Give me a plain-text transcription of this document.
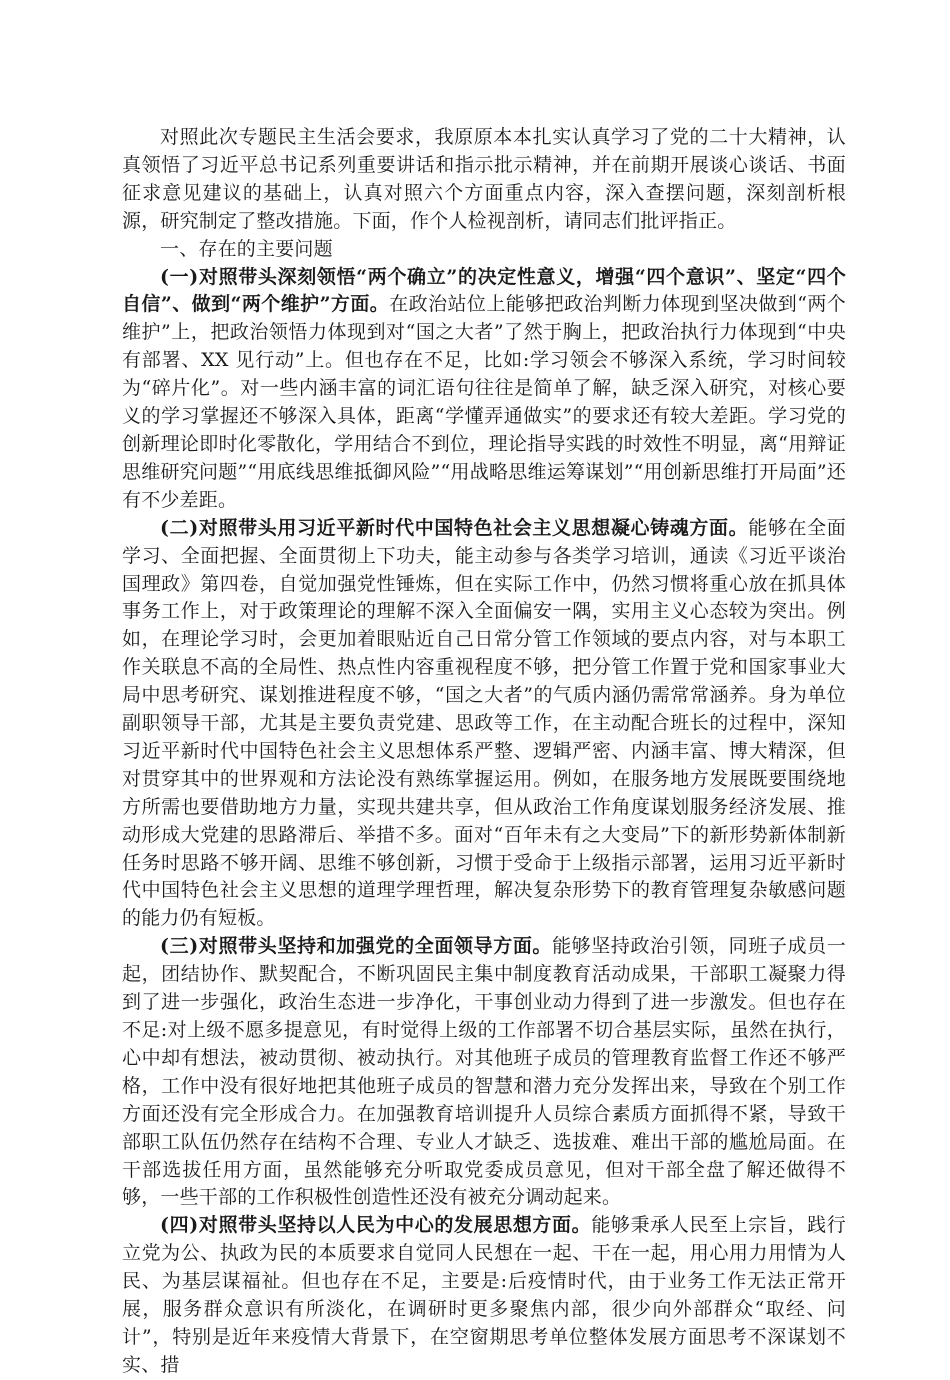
对照此次专题民主生活会要求，我原原本本扎实认真学习了党的二十大精神，认真领悟了习近平总书记系列重要讲话和指示批示精神，并在前期开展谈心谈话、书面征求意见建议的基础上，认真对照六个方面重点内容，深入查摆问题，深刻剖析根源，研究制定了整改措施。下面，作个人检视剖析，请同志们批评指正。

一、存在的主要问题

(一)对照带头深刻领悟“两个确立”的决定性意义，增强“四个意识”、坚定“四个自信”、做到“两个维护”方面。在政治站位上能够把政治判断力体现到坚决做到“两个维护”上，把政治领悟力体现到对“国之大者”了然于胸上，把政治执行力体现到“中央有部署、XX 见行动”上。但也存在不足，比如:学习领会不够深入系统，学习时间较为“碎片化”。对一些内涵丰富的词汇语句往往是简单了解，缺乏深入研究，对核心要义的学习掌握还不够深入具体，距离“学懂弄通做实”的要求还有较大差距。学习党的创新理论即时化零散化，学用结合不到位，理论指导实践的时效性不明显，离“用辩证思维研究问题”“用底线思维抵御风险”“用战略思维运筹谋划”“用创新思维打开局面”还有不少差距。

(二)对照带头用习近平新时代中国特色社会主义思想凝心铸魂方面。能够在全面学习、全面把握、全面贯彻上下功夫，能主动参与各类学习培训，通读《习近平谈治国理政》第四卷，自觉加强党性锤炼，但在实际工作中，仍然习惯将重心放在抓具体事务工作上，对于政策理论的理解不深入全面偏安一隅，实用主义心态较为突出。例如，在理论学习时，会更加着眼贴近自己日常分管工作领域的要点内容，对与本职工作关联息不高的全局性、热点性内容重视程度不够，把分管工作置于党和国家事业大局中思考研究、谋划推进程度不够，“国之大者”的气质内涵仍需常常涵养。身为单位副职领导干部，尤其是主要负责党建、思政等工作，在主动配合班长的过程中，深知习近平新时代中国特色社会主义思想体系严整、逻辑严密、内涵丰富、博大精深，但对贯穿其中的世界观和方法论没有熟练掌握运用。例如，在服务地方发展既要围绕地方所需也要借助地方力量，实现共建共享，但从政治工作角度谋划服务经济发展、推动形成大党建的思路滞后、举措不多。面对“百年未有之大变局”下的新形势新体制新任务时思路不够开阔、思维不够创新，习惯于受命于上级指示部署，运用习近平新时代中国特色社会主义思想的道理学理哲理，解决复杂形势下的教育管理复杂敏感问题的能力仍有短板。

(三)对照带头坚持和加强党的全面领导方面。能够坚持政治引领，同班子成员一起，团结协作、默契配合，不断巩固民主集中制度教育活动成果，干部职工凝聚力得到了进一步强化，政治生态进一步净化，干事创业动力得到了进一步激发。但也存在不足:对上级不愿多提意见，有时觉得上级的工作部署不切合基层实际，虽然在执行，心中却有想法，被动贯彻、被动执行。对其他班子成员的管理教育监督工作还不够严格，工作中没有很好地把其他班子成员的智慧和潜力充分发挥出来，导致在个别工作方面还没有完全形成合力。在加强教育培训提升人员综合素质方面抓得不紧，导致干部职工队伍仍然存在结构不合理、专业人才缺乏、选拔难、难出干部的尴尬局面。在干部选拔任用方面，虽然能够充分听取党委成员意见，但对干部全盘了解还做得不够，一些干部的工作积极性创造性还没有被充分调动起来。

(四)对照带头坚持以人民为中心的发展思想方面。能够秉承人民至上宗旨，践行立党为公、执政为民的本质要求自觉同人民想在一起、干在一起，用心用力用情为人民、为基层谋福祉。但也存在不足，主要是:后疫情时代，由于业务工作无法正常开展，服务群众意识有所淡化，在调研时更多聚焦内部，很少向外部群众“取经、问计”，特别是近年来疫情大背景下，在空窗期思考单位整体发展方面思考不深谋划不实、措
